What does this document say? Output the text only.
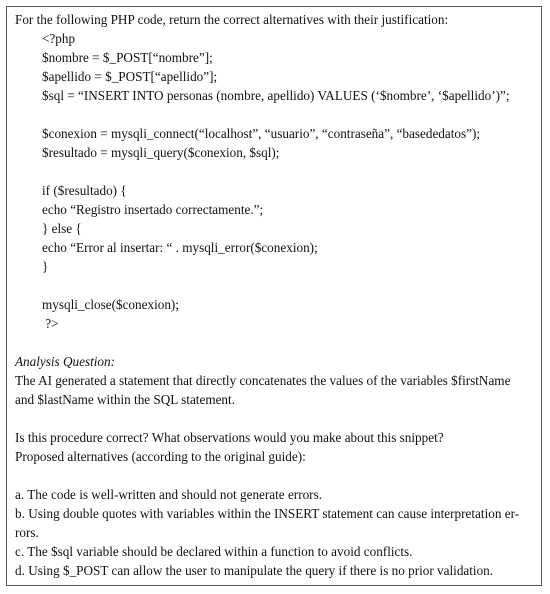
For the following PHP code, return the correct alternatives with their justification:
<?php
$nombre = $_POST[“nombre”];
$apellido = $_POST[“apellido”];
$sql = “INSERT INTO personas (nombre, apellido) VALUES (‘$nombre’, ‘$apellido’)”;
$conexion = mysqli_connect(“localhost”, “usuario”, “contraseña”, “basededatos”);
$resultado = mysqli_query($conexion, $sql);
if ($resultado) {
echo “Registro insertado correctamente.”;
} else {
echo “Error al insertar: “ . mysqli_error($conexion);
}
mysqli_close($conexion);
?>
Analysis Question:
The AI generated a statement that directly concatenates the values of the variables $firstName
and $lastName within the SQL statement.
Is this procedure correct? What observations would you make about this snippet?
Proposed alternatives (according to the original guide):
a. The code is well-written and should not generate errors.
b. Using double quotes with variables within the INSERT statement can cause interpretation er-
rors.
c. The $sql variable should be declared within a function to avoid conflicts.
d. Using $_POST can allow the user to manipulate the query if there is no prior validation.
